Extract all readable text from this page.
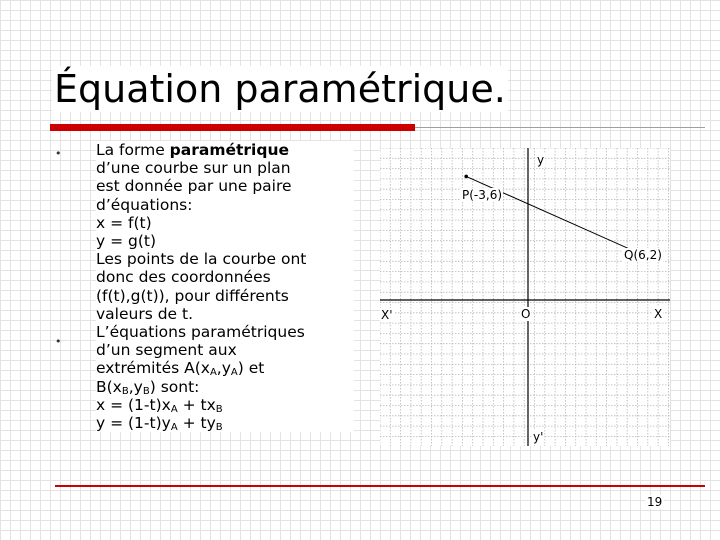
Équation paramétrique.
•
•
La forme paramétrique
d’une courbe sur un plan
est donnée par une paire
d’équations:
x = f(t)
y = g(t)
Les points de la courbe ont
donc des coordonnées
(f(t),g(t)), pour différents
valeurs de t.
L’équations paramétriques
d’un segment aux
extrémités $A(x_A,y_A)$ et
$B(x_B,y_B)$ sont:
$x = (1-t)x_A + tx_B$
$y = (1-t)y_A + ty_B$
y
y'
X
X'	O
P(-3,6)
Q(6,2)
19
